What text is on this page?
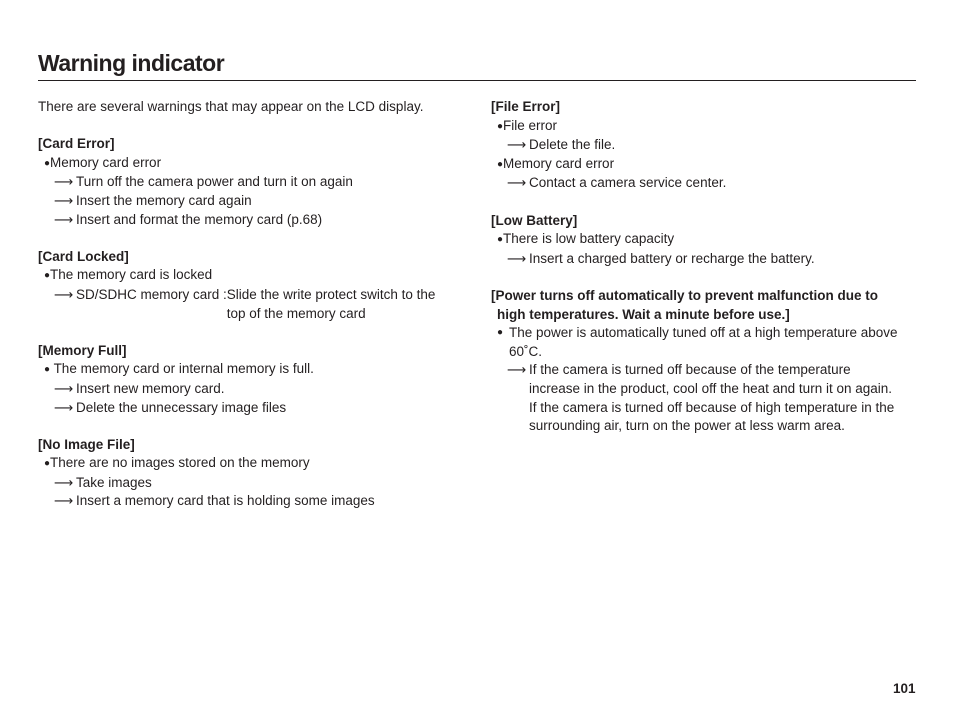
Warning indicator
There are several warnings that may appear on the LCD display.
[Card Error]
●Memory card error
⟶ Turn off the camera power and turn it on again
⟶ Insert the memory card again
⟶ Insert and format the memory card (p.68)
[Card Locked]
●The memory card is locked
⟶ SD/SDHC memory card : Slide the write protect switch to the
top of the memory card
[Memory Full]
● The memory card or internal memory is full.
⟶ Insert new memory card.
⟶ Delete the unnecessary image files
[No Image File]
●There are no images stored on the memory
⟶ Take images
⟶ Insert a memory card that is holding some images
[File Error]
●File error
⟶ Delete the file.
●Memory card error
⟶ Contact a camera service center.
[Low Battery]
●There is low battery capacity
⟶ Insert a charged battery or recharge the battery.
[Power turns off automatically to prevent malfunction due to
high temperatures. Wait a minute before use.]
● The power is automatically tuned off at a high temperature above
60˚C.
⟶ If the camera is turned off because of the temperature
increase in the product, cool off the heat and turn it on again.
If the camera is turned off because of high temperature in the
surrounding air, turn on the power at less warm area.
101
